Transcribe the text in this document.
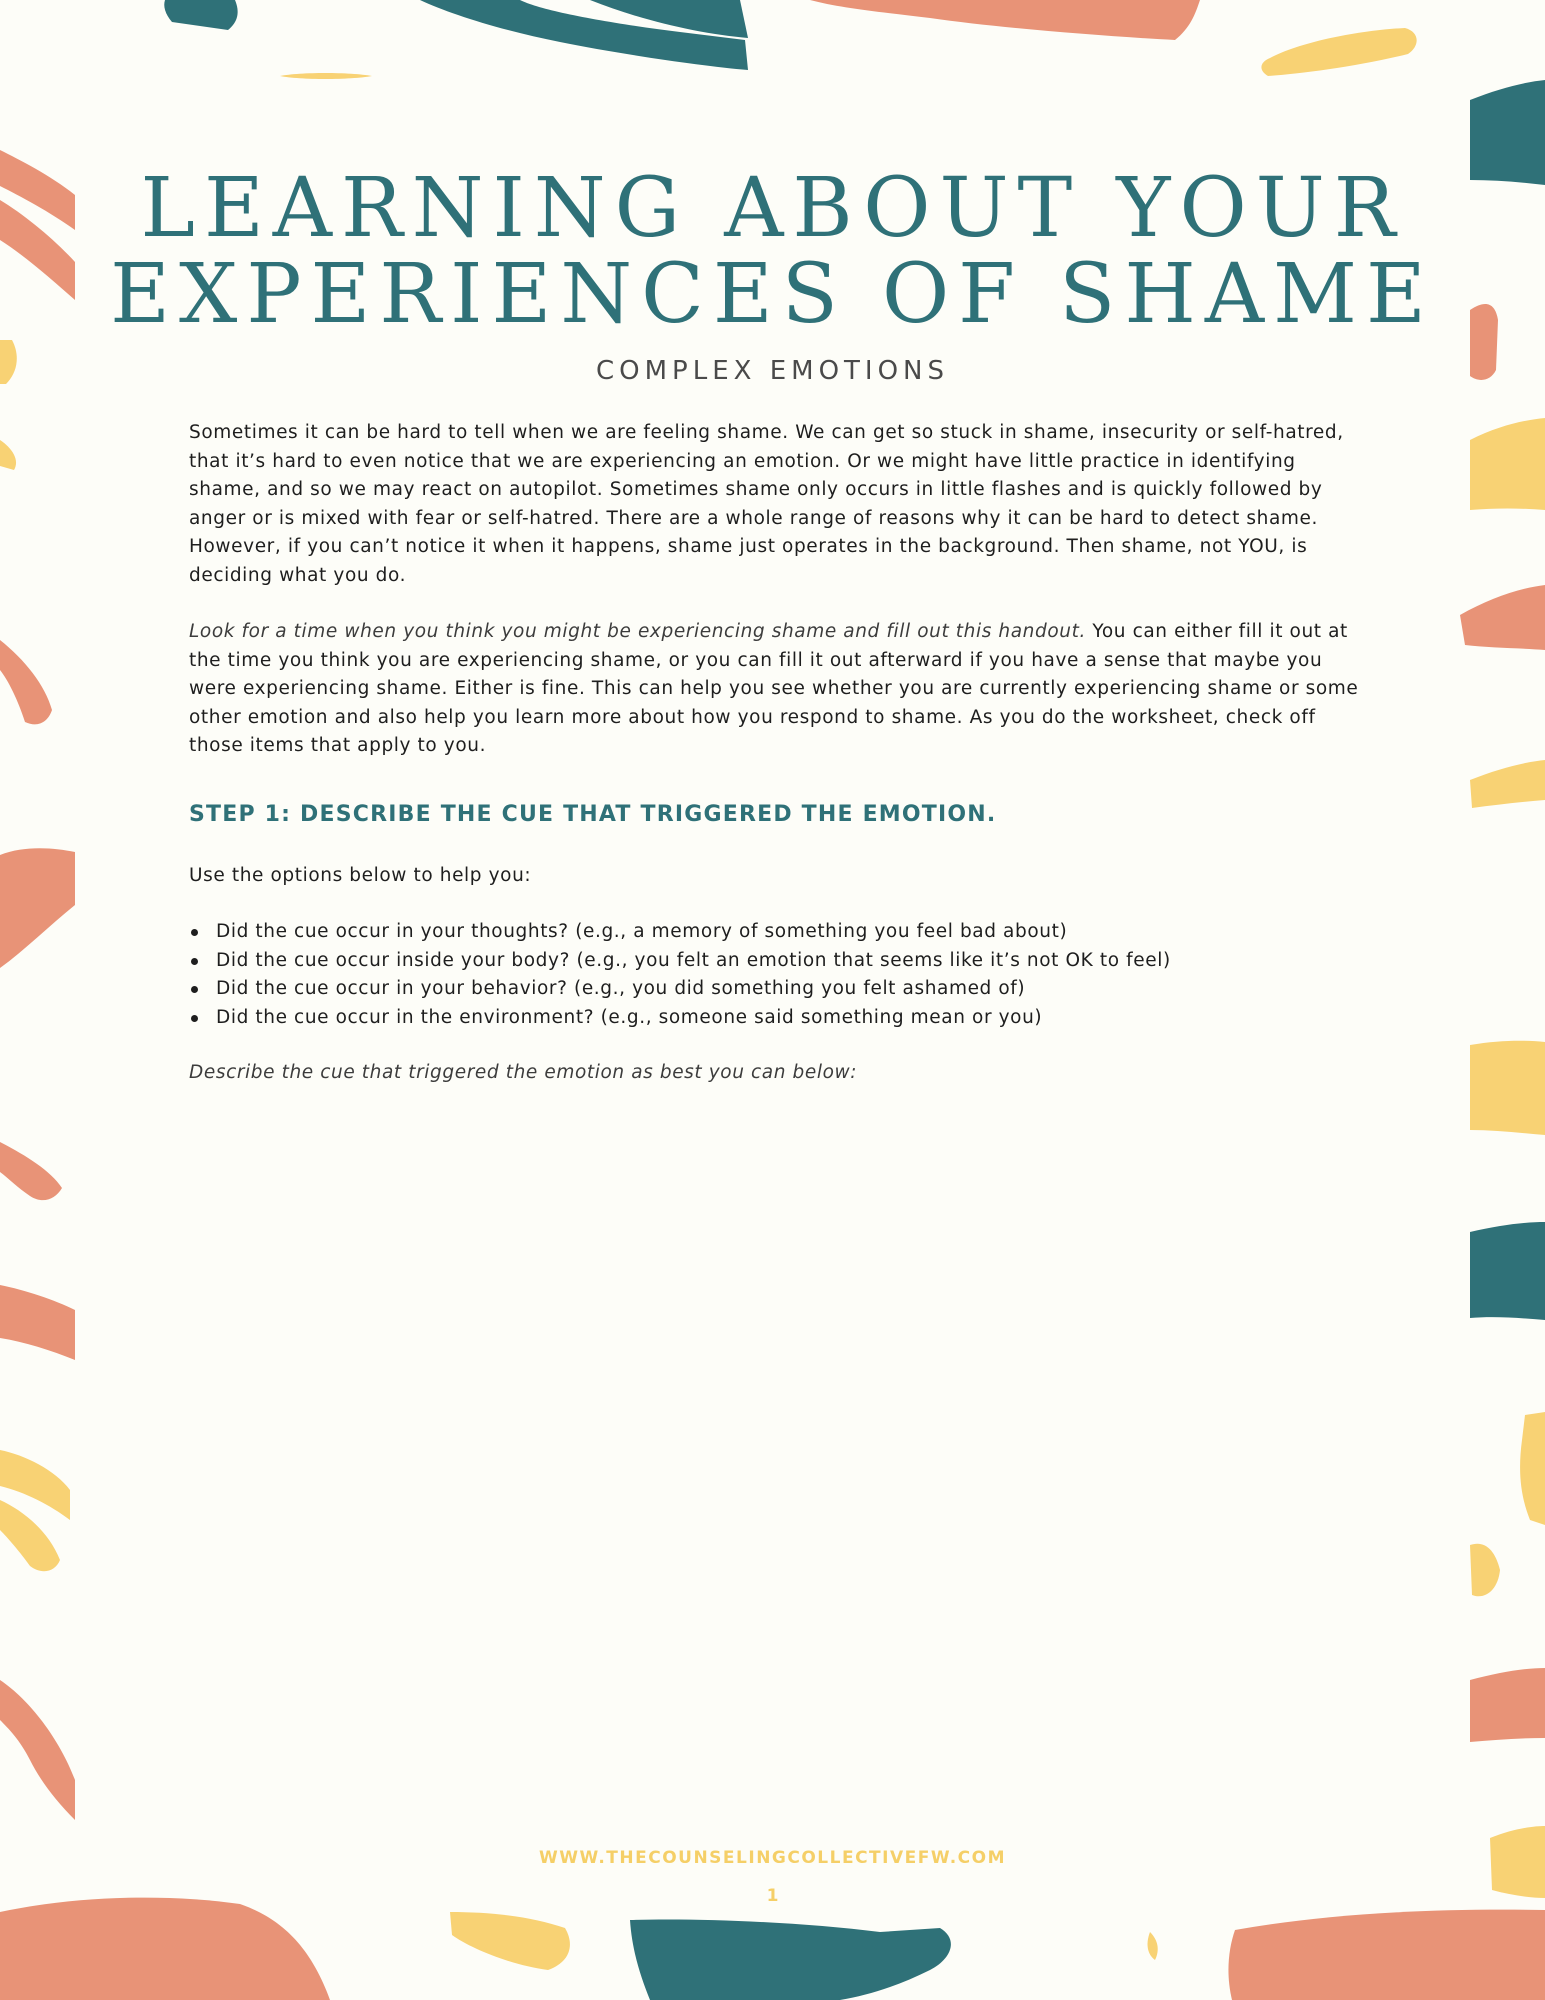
LEARNING ABOUT YOUR
EXPERIENCES OF SHAME

COMPLEX EMOTIONS

Sometimes it can be hard to tell when we are feeling shame. We can get so stuck in shame, insecurity or self-hatred, that it’s hard to even notice that we are experiencing an emotion. Or we might have little practice in identifying shame, and so we may react on autopilot. Sometimes shame only occurs in little flashes and is quickly followed by anger or is mixed with fear or self-hatred. There are a whole range of reasons why it can be hard to detect shame. However, if you can’t notice it when it happens, shame just operates in the background. Then shame, not YOU, is deciding what you do.

Look for a time when you think you might be experiencing shame and fill out this handout. You can either fill it out at the time you think you are experiencing shame, or you can fill it out afterward if you have a sense that maybe you were experiencing shame. Either is fine. This can help you see whether you are currently experiencing shame or some other emotion and also help you learn more about how you respond to shame. As you do the worksheet, check off those items that apply to you.

STEP 1: DESCRIBE THE CUE THAT TRIGGERED THE EMOTION.

Use the options below to help you:

Did the cue occur in your thoughts? (e.g., a memory of something you feel bad about)
Did the cue occur inside your body? (e.g., you felt an emotion that seems like it’s not OK to feel)
Did the cue occur in your behavior? (e.g., you did something you felt ashamed of)
Did the cue occur in the environment? (e.g., someone said something mean or you)

Describe the cue that triggered the emotion as best you can below:

WWW.THECOUNSELINGCOLLECTIVEFW.COM

1
